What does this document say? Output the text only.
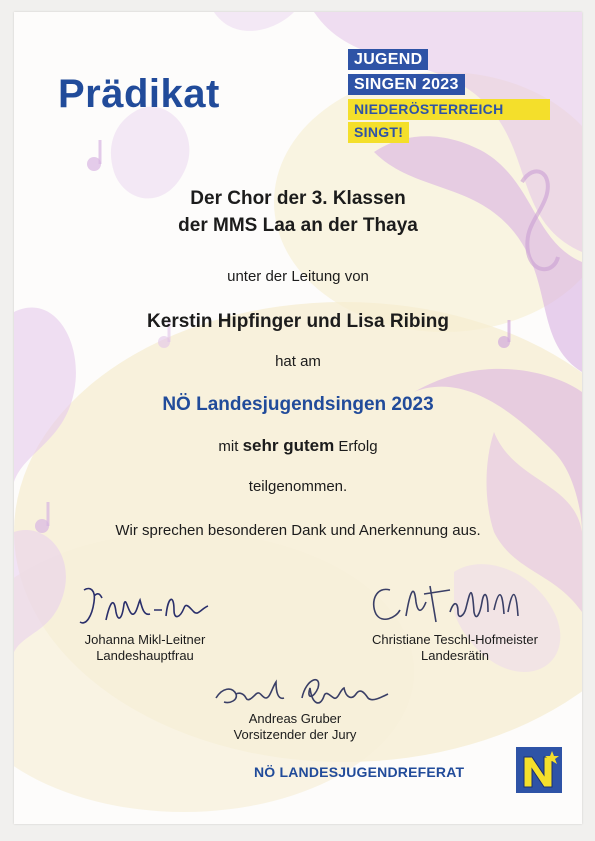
Prädikat
JUGEND
SINGEN 2023
NIEDERÖSTERREICH
SINGT!
Der Chor der 3. Klassen
der MMS Laa an der Thaya
unter der Leitung von
Kerstin Hipfinger und Lisa Ribing
hat am
NÖ Landesjugendsingen 2023
mit sehr gutem Erfolg
teilgenommen.
Wir sprechen besonderen Dank und Anerkennung aus.
Johanna Mikl-Leitner
Landeshauptfrau
Christiane Teschl-Hofmeister
Landesrätin
Andreas Gruber
Vorsitzender der Jury
NÖ LANDESJUGENDREFERAT
